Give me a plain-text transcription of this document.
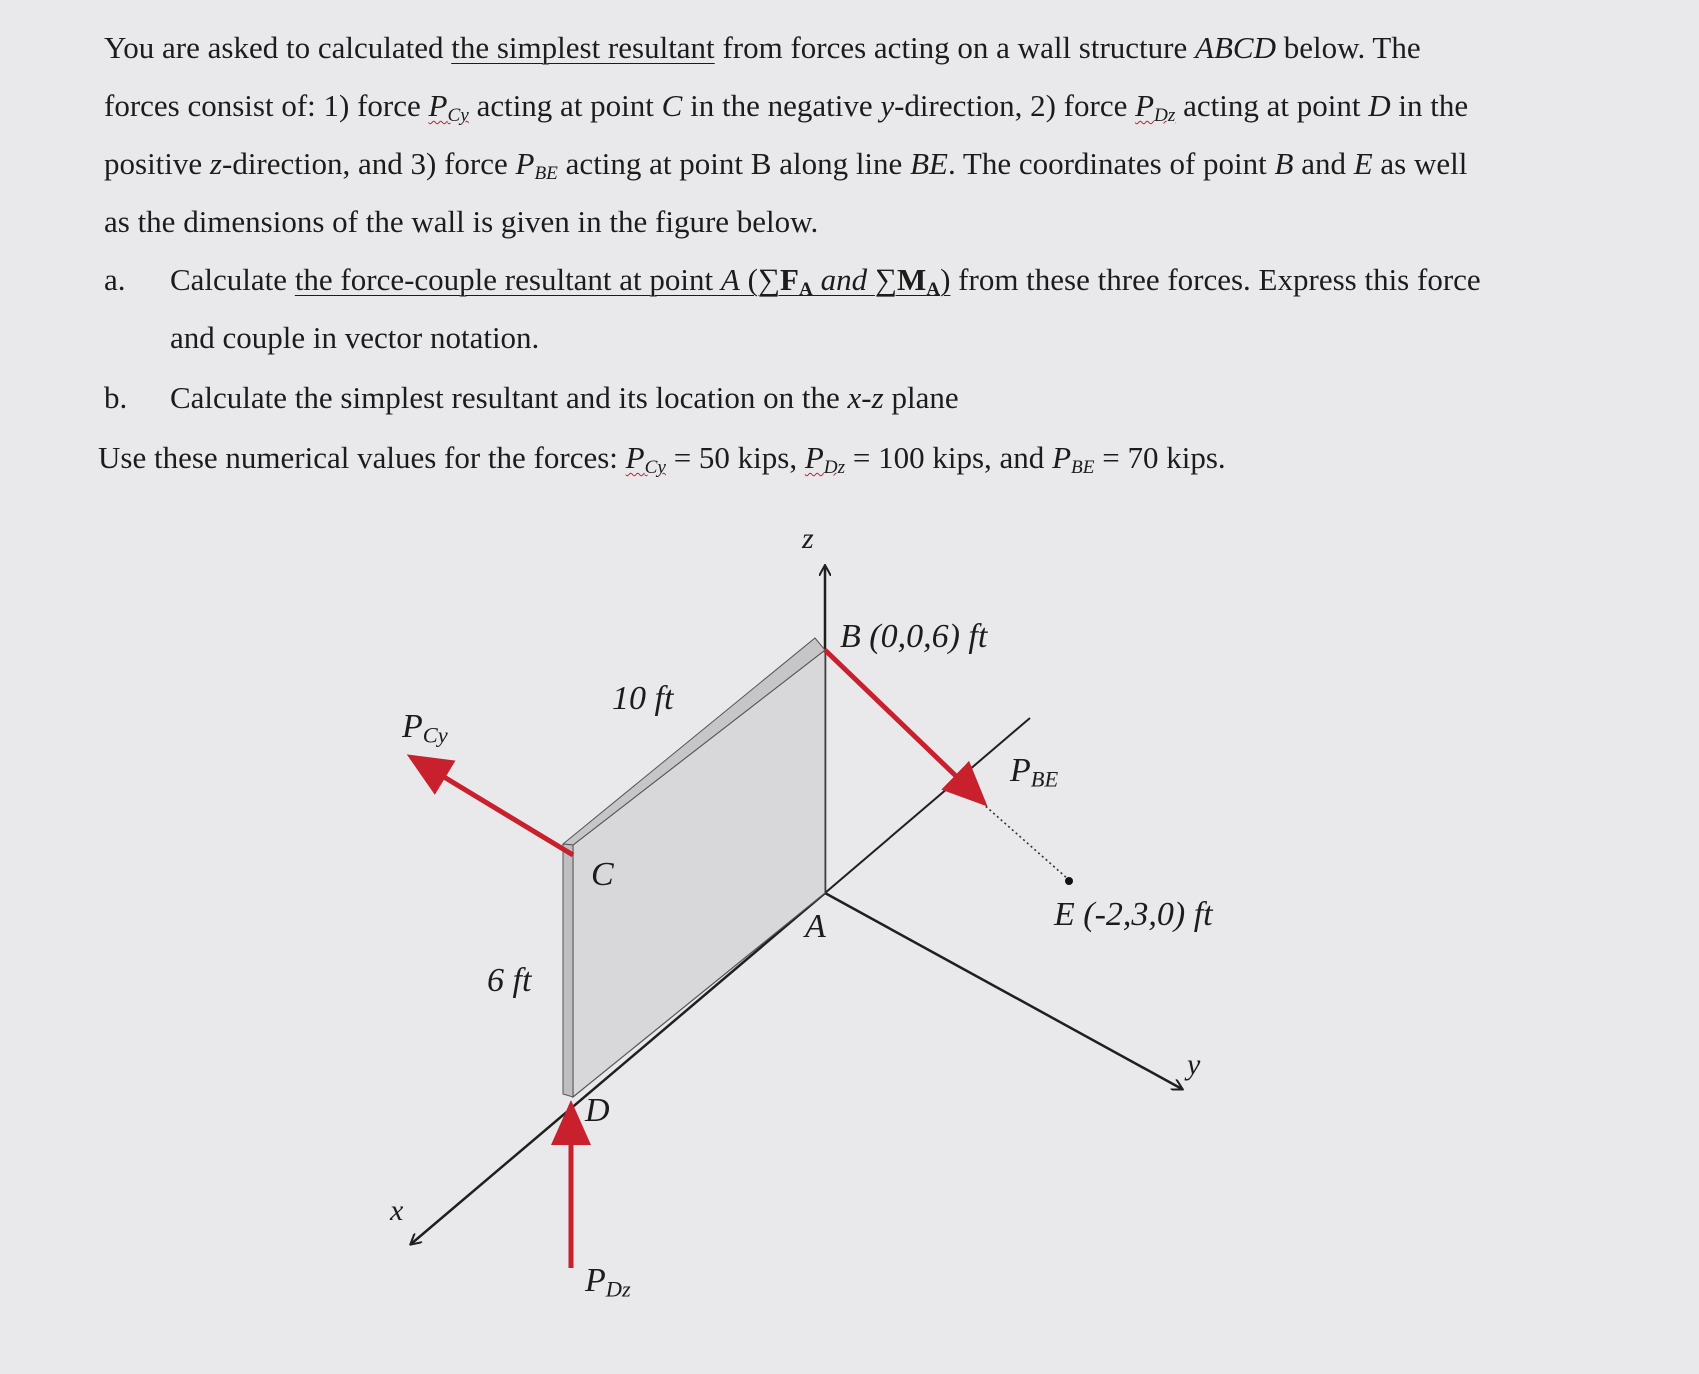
You are asked to calculated the simplest resultant from forces acting on a wall structure ABCD below. The
forces consist of: 1) force $P_{Cy}$ acting at point C in the negative y-direction, 2) force $P_{Dz}$ acting at point D in the
positive z-direction, and 3) force $P_{BE}$ acting at point B along line BE. The coordinates of point B and E as well
as the dimensions of the wall is given in the figure below.
a. Calculate the force-couple resultant at point A ($\sum F_A$ and $\sum M_A$) from these three forces. Express this force
and couple in vector notation.
b. Calculate the simplest resultant and its location on the x-z plane
Use these numerical values for the forces: $P_{Cy} = 50$ kips, $P_{Dz} = 100$ kips, and $P_{BE} = 70$ kips.
z
x
y
B (0,0,6) ft
E (-2,3,0) ft
A
C
D
10 ft
6 ft
$P_{Cy}$
$P_{BE}$
$P_{Dz}$
